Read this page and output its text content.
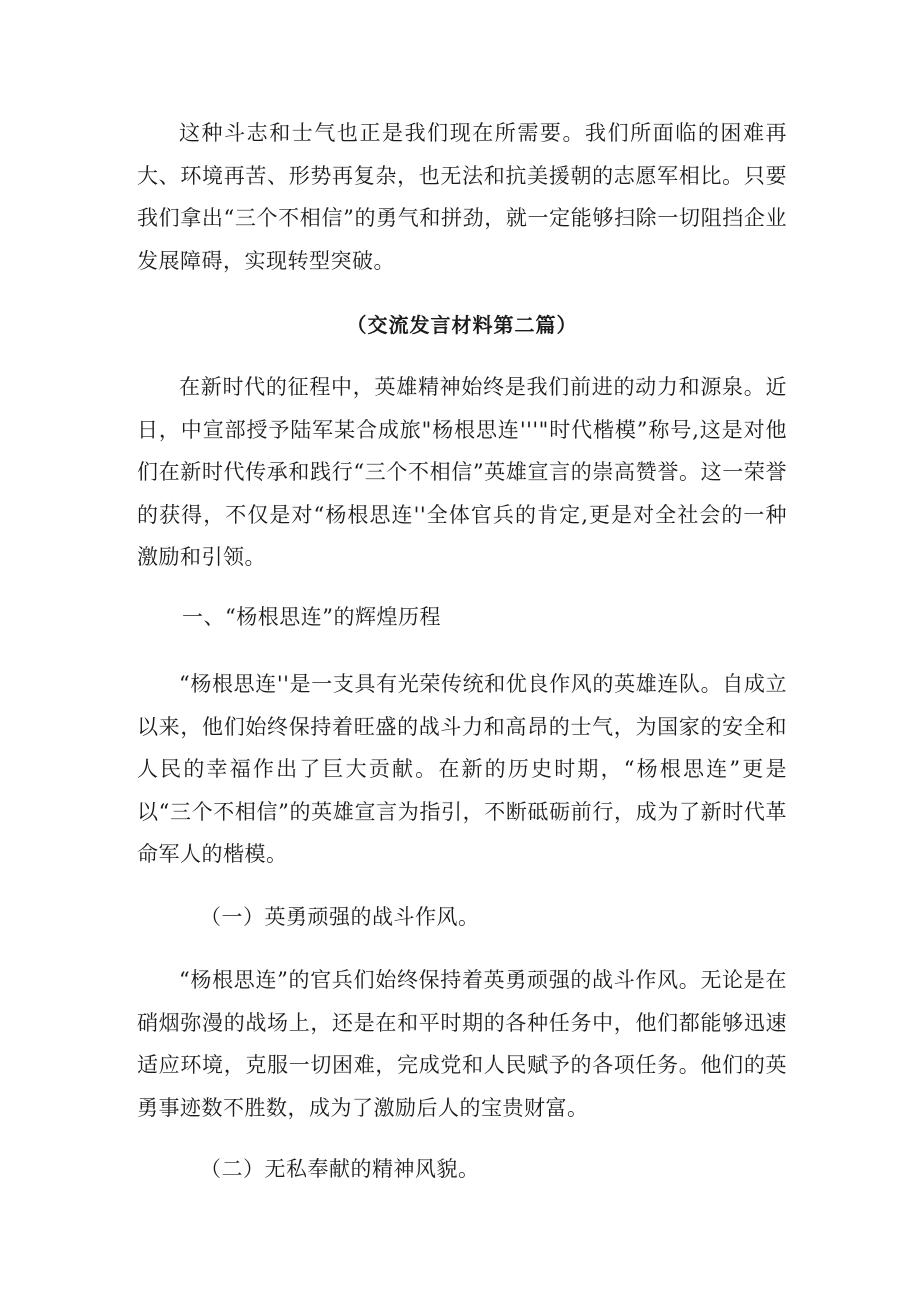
这种斗志和士气也正是我们现在所需要。我们所面临的困难再大、环境再苦、形势再复杂，也无法和抗美援朝的志愿军相比。只要我们拿出“三个不相信”的勇气和拼劲，就一定能够扫除一切阻挡企业发展障碍，实现转型突破。

（交流发言材料第二篇）

在新时代的征程中，英雄精神始终是我们前进的动力和源泉。近日，中宣部授予陆军某合成旅"杨根思连'''"时代楷模”称号,这是对他们在新时代传承和践行“三个不相信”英雄宣言的崇高赞誉。这一荣誉的获得，不仅是对“杨根思连''全体官兵的肯定,更是对全社会的一种激励和引领。

一、“杨根思连”的辉煌历程

“杨根思连''是一支具有光荣传统和优良作风的英雄连队。自成立以来，他们始终保持着旺盛的战斗力和高昂的士气，为国家的安全和人民的幸福作出了巨大贡献。在新的历史时期，“杨根思连”更是以“三个不相信”的英雄宣言为指引，不断砥砺前行，成为了新时代革命军人的楷模。

（一）英勇顽强的战斗作风。

“杨根思连”的官兵们始终保持着英勇顽强的战斗作风。无论是在硝烟弥漫的战场上，还是在和平时期的各种任务中，他们都能够迅速适应环境，克服一切困难，完成党和人民赋予的各项任务。他们的英勇事迹数不胜数，成为了激励后人的宝贵财富。

（二）无私奉献的精神风貌。
